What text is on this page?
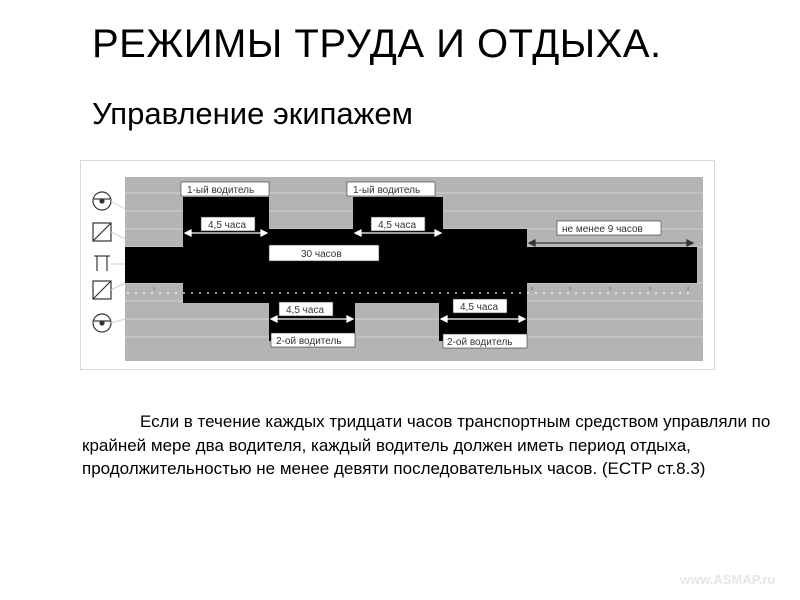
РЕЖИМЫ ТРУДА И ОТДЫХА.
Управление экипажем
¹	²	²	²	²	²
1-ый водитель	1-ый водитель
4,5 часа	4,5 часа	не менее 9 часов
30 часов
4,5 часа	4,5 часа
2-ой водитель	2-ой водитель
Если в течение каждых тридцати часов транспортным средством управляли по крайней мере два водителя, каждый водитель должен иметь период отдыха, продолжительностью не менее девяти последовательных часов. (ЕСТР ст.8.3)
www.ASMAP.ru
